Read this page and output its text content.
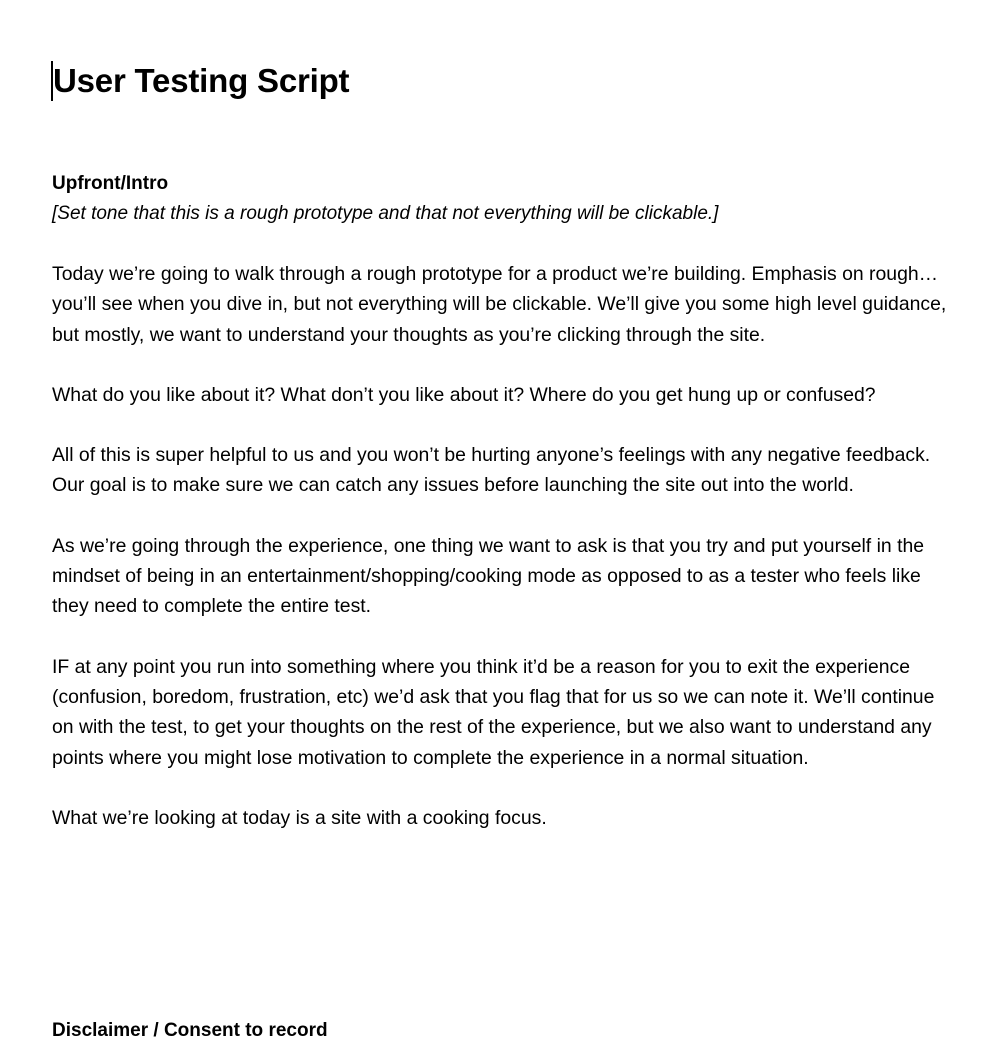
User Testing Script

Upfront/Intro

[Set tone that this is a rough prototype and that not everything will be clickable.]

Today we’re going to walk through a rough prototype for a product we’re building. Emphasis on rough… you’ll see when you dive in, but not everything will be clickable. We’ll give you some high level guidance, but mostly, we want to understand your thoughts as you’re clicking through the site.

What do you like about it? What don’t you like about it? Where do you get hung up or confused?

All of this is super helpful to us and you won’t be hurting anyone’s feelings with any negative feedback. Our goal is to make sure we can catch any issues before launching the site out into the world.

As we’re going through the experience, one thing we want to ask is that you try and put yourself in the mindset of being in an entertainment/shopping/cooking mode as opposed to as a tester who feels like they need to complete the entire test.

IF at any point you run into something where you think it’d be a reason for you to exit the experience (confusion, boredom, frustration, etc) we’d ask that you flag that for us so we can note it. We’ll continue on with the test, to get your thoughts on the rest of the experience, but we also want to understand any points where you might lose motivation to complete the experience in a normal situation.

What we’re looking at today is a site with a cooking focus.

Disclaimer / Consent to record
